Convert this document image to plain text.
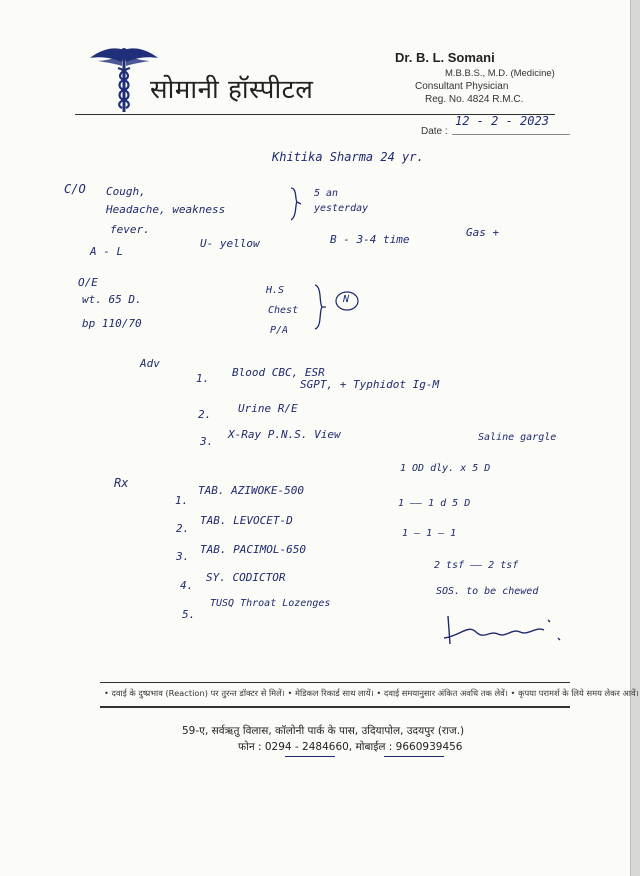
सोमानी हॉस्पीटल
Dr. B. L. Somani
M.B.B.S., M.D. (Medicine)
Consultant Physician
Reg. No. 4824 R.M.C.
Date :
12 - 2 - 2023
Khitika Sharma 24 yr.
C/O Cough,
Headache, weakness
fever.
5 an
yesterday
A - L
U- yellow	B - 3-4 time
Gas +
O/E
wt. 65 D.
bp 110/70
H.S
Chest
P/A
N
Adv
1. Blood CBC, ESR
SGPT, + Typhidot Ig-M
2. Urine R/E
3.
X-Ray P.N.S. View	Saline gargle
Rx
1.
TAB. AZIWOKE-500
1 OD dly. x 5 D
2.
TAB. LEVOCET-D
1 —— 1 d 5 D
3.
TAB. PACIMOL-650
1 — 1 — 1
4.
SY. CODICTOR
2 tsf —— 2 tsf
5.
TUSQ Throat Lozenges
SOS. to be chewed
• दवाई के दुष्प्रभाव (Reaction) पर तुरन्त डॉक्टर से मिलें। • मेडिकल रिकार्ड साथ लायें। • दवाई समयानुसार अंकित अवधि तक लेवें। • कृपया परामर्श के लिये समय लेकर आवें।
59-ए, सर्वऋतु विलास, कॉलोनी पार्क के पास, उदियापोल, उदयपुर (राज.)
फोन : 0294 - 2484660, मोबाईल : 9660939456
